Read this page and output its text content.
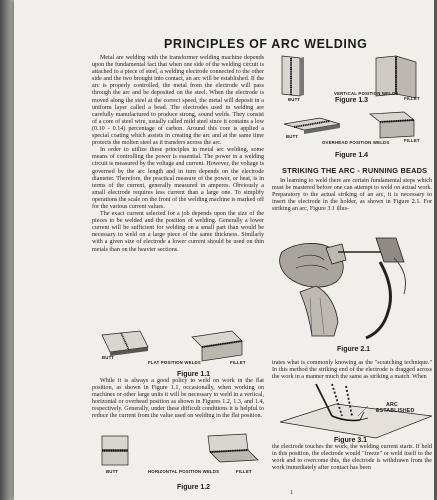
PRINCIPLES OF ARC WELDING

Metal are welding with the transformer welding machine depends upon the fundamental fact that when one side of the welding circuit is attached to a piece of steel, a welding electrode connected to the other side and the two brought into contact, an arc will be established. If the arc is properly controlled, the metal from the electrode will pass through the arc and be deposited on the steel. When the electrode is moved along the steel at the correct speed, the metal will deposit in a uniform layer called a bead. The electrodes used in welding are carefully manufactured to produce strong, sound welds. They consist of a core of steel wire, usually called mild steel since it contains a low (0.10 - 0.14) percentage of carbon. Around this core is applied a special coating which assists in creating the arc and at the same time protects the molten steel as it transfers across the arc.

In order to utilize these principles in metal arc welding, some means of controlling the power is essential. The power in a welding circuit is measured by the voltage and current. However, the voltage is governed by the arc length and in turn depends on the electrode diameter. Therefore, the practical measure of the power, or heat, is in terms of the current, generally measured in amperes. Obviously a small electrode requires less current than a large one. To simplify operations the scale on the front of the welding machine is marked off for the various current values.

The exact current selected for a job depends upon the size of the pieces to be welded and the position of welding. Generally a lower current will be sufficient for welding on a small part than would be necessary to weld on a large piece of the same thickness. Similarly with a given size of electrode a lower current should be used on thin metals than on the heavier sections.

BUTT
FLAT POSITION WELDS	FILLET
Figure 1.1

While it is always a good policy to weld on work in the flat position, as shown in Figure 1.1, occasionally, when working on machines or other large units it will be necessary to weld in a vertical, horizontal or overhead position as shown in Figures 1.2, 1.3, and 1.4, respectively. Generally, under these difficult conditions it is helpful to reduce the current from the value used on welding in the flat position.

BUTT	HORIZONTAL POSITION WELDS	FILLET
Figure 1.2
BUTT
VERTICAL POSITION WELDS
FILLET
Figure 1.3
BUTT
OVERHEAD POSITION WELDS	FILLET
Figure 1.4
STRIKING THE ARC - RUNNING BEADS

In learning to weld there are certain fundamental steps which must be mastered before one can attempt to weld on actual work. Preparatory to the actual striking of an arc, it is necessary to insert the electrode in the holder, as shown in Figure 2.1. For striking an arc, Figure 3.1 illus-

Figure 2.1

trates what is commonly knowing as the "scratching technique." In this method the striking end of the electrode is dragged across the work in a manner much the same as striking a match. When

ARC
ESTABLISHED
Figure 3.1

the electrode touches the work, the welding current starts. If held in this position, the electrode would "freeze" or weld itself to the work and to overcome this, the electrode is withdrawn from the work immediately after contact has been

1
